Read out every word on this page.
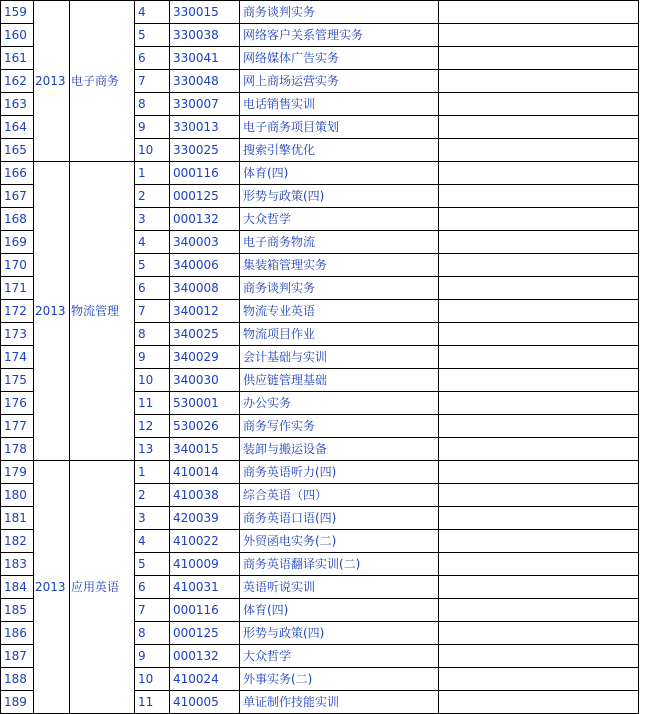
159	2013	电子商务	4	330015	商务谈判实务	
160			5	330038	网络客户关系管理实务	
161			6	330041	网络媒体广告实务	
162			7	330048	网上商场运营实务	
163			8	330007	电话销售实训	
164			9	330013	电子商务项目策划	
165			10	330025	搜索引擎优化	
166	2013	物流管理	1	000116	体育(四)	
167			2	000125	形势与政策(四)	
168			3	000132	大众哲学	
169			4	340003	电子商务物流	
170			5	340006	集装箱管理实务	
171			6	340008	商务谈判实务	
172			7	340012	物流专业英语	
173			8	340025	物流项目作业	
174			9	340029	会计基础与实训	
175			10	340030	供应链管理基础	
176			11	530001	办公实务	
177			12	530026	商务写作实务	
178			13	340015	装卸与搬运设备	
179	2013	应用英语	1	410014	商务英语听力(四)	
180			2	410038	综合英语（四）	
181			3	420039	商务英语口语(四)	
182			4	410022	外贸函电实务(二)	
183			5	410009	商务英语翻译实训(二)	
184			6	410031	英语听说实训	
185			7	000116	体育(四)	
186			8	000125	形势与政策(四)	
187			9	000132	大众哲学	
188			10	410024	外事实务(二)	
189			11	410005	单证制作技能实训	
